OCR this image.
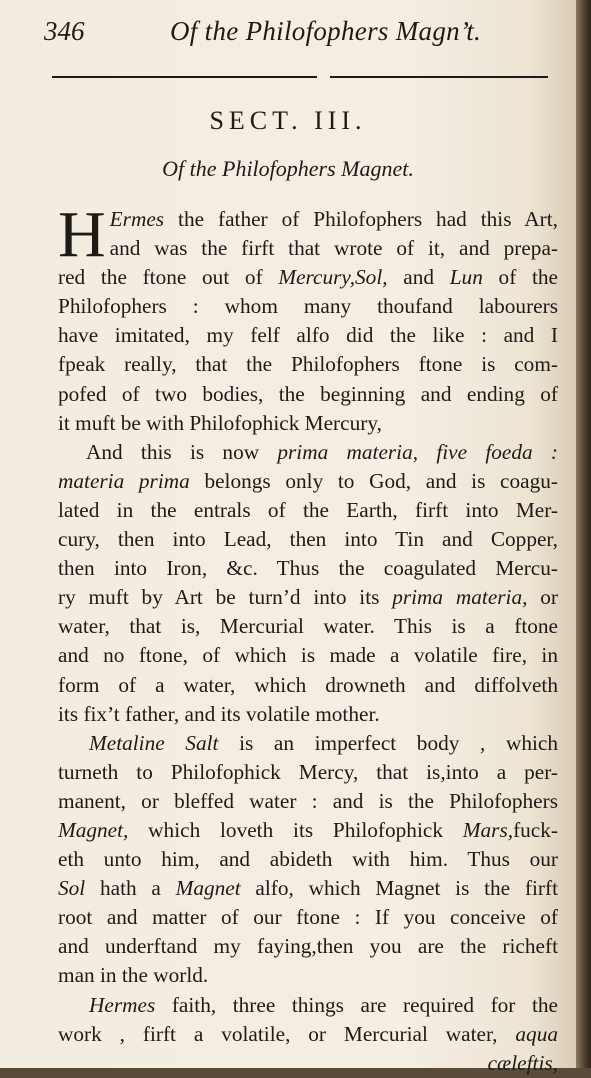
346	Of the Philofophers Magn’t.
SECT. III.
Of the Philofophers Magnet.
H Ermes the father of Philofophers had this Art,
and was the firft that wrote of it, and prepa-
red the ftone out of Mercury,Sol, and Lun of the
Philofophers : whom many thoufand labourers
have imitated, my felf alfo did the like : and I
fpeak really, that the Philofophers ftone is com-
pofed of two bodies, the beginning and ending of
it muft be with Philofophick Mercury,
And this is now prima materia, five foeda :
materia prima belongs only to God, and is coagu-
lated in the entrals of the Earth, firft into Mer-
cury, then into Lead, then into Tin and Copper,
then into Iron, &c. Thus the coagulated Mercu-
ry muft by Art be turn’d into its prima materia, or
water, that is, Mercurial water. This is a ftone
and no ftone, of which is made a volatile fire, in
form of a water, which drowneth and diffolveth
its fix’t father, and its volatile mother.
Metaline Salt is an imperfect body , which
turneth to Philofophick Mercy, that is,into a per-
manent, or bleffed water : and is the Philofophers
Magnet, which loveth its Philofophick Mars,fuck-
eth unto him, and abideth with him. Thus our
Sol hath a Magnet alfo, which Magnet is the firft
root and matter of our ftone : If you conceive of
and underftand my faying,then you are the richeft
man in the world.
Hermes faith, three things are required for the
work , firft a volatile, or Mercurial water, aqua
cæleftis,
